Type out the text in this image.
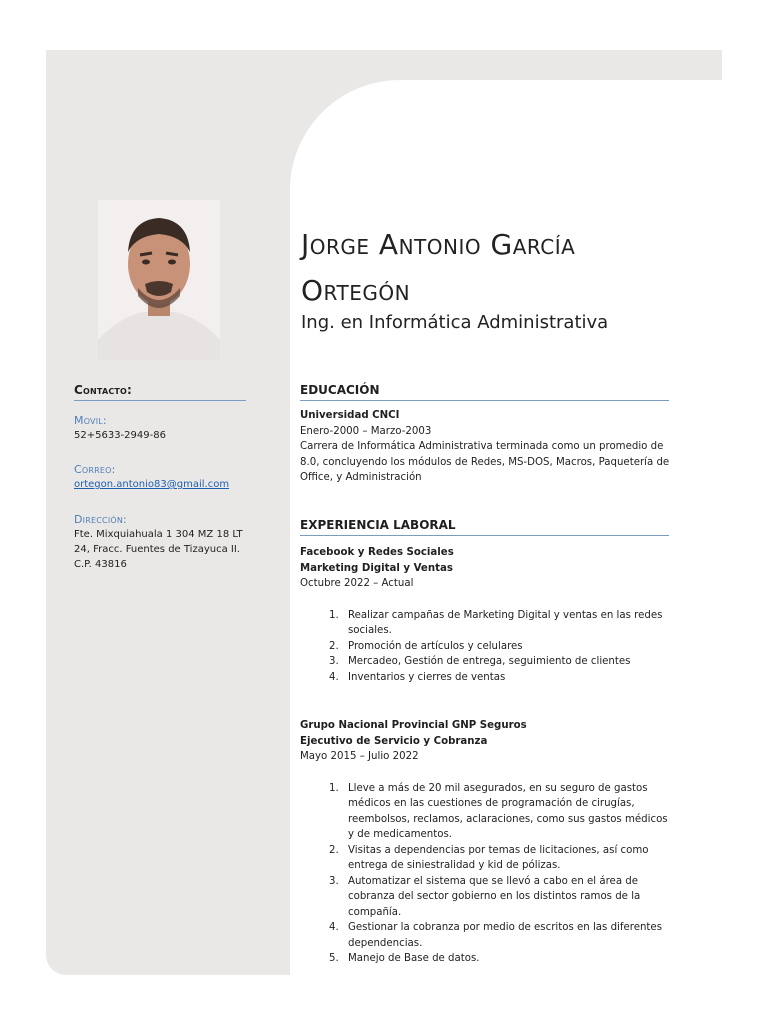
Contacto:
Movil:
52+5633-2949-86
Correo:
ortegon.antonio83@gmail.com
Dirección:
Fte. Mixquiahuala 1 304 MZ 18 LT 24, Fracc. Fuentes de Tizayuca II. C.P. 43816
Jorge Antonio García
Ortegón
Ing. en Informática Administrativa
EDUCACIÓN
Universidad CNCI
Enero-2000 – Marzo-2003
Carrera de Informática Administrativa terminada como un promedio de 8.0, concluyendo los módulos de Redes, MS-DOS, Macros, Paquetería de Office, y Administración
EXPERIENCIA LABORAL
Facebook y Redes Sociales
Marketing Digital y Ventas
Octubre 2022 – Actual
1. Realizar campañas de Marketing Digital y ventas en las redes sociales.
2. Promoción de artículos y celulares
3. Mercadeo, Gestión de entrega, seguimiento de clientes
4. Inventarios y cierres de ventas
Grupo Nacional Provincial GNP Seguros
Ejecutivo de Servicio y Cobranza
Mayo 2015 – Julio 2022
1. Lleve a más de 20 mil asegurados, en su seguro de gastos médicos en las cuestiones de programación de cirugías, reembolsos, reclamos, aclaraciones, como sus gastos médicos y de medicamentos.
2. Visitas a dependencias por temas de licitaciones, así como entrega de siniestralidad y kid de pólizas.
3. Automatizar el sistema que se llevó a cabo en el área de cobranza del sector gobierno en los distintos ramos de la compañía.
4. Gestionar la cobranza por medio de escritos en las diferentes dependencias.
5. Manejo de Base de datos.
